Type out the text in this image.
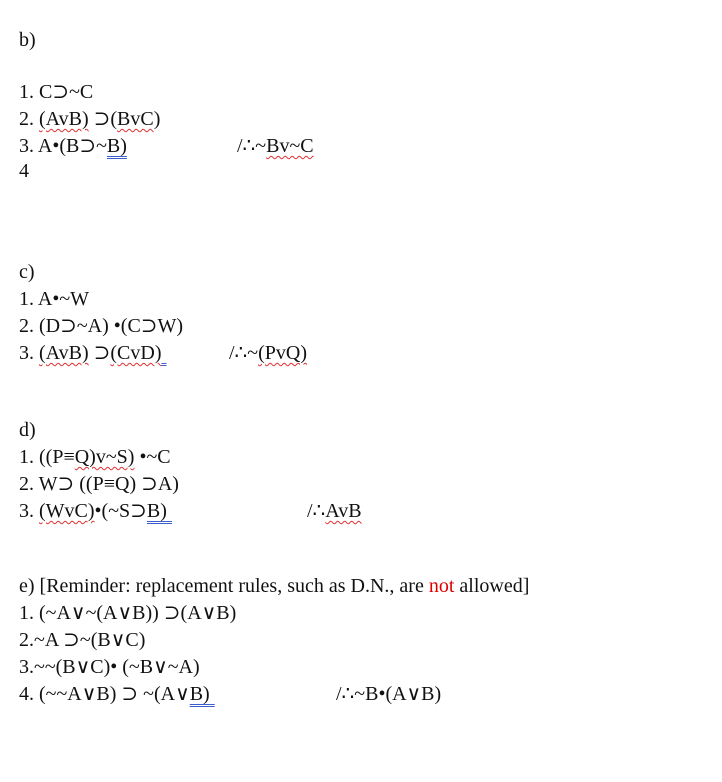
b)
1. C⊃~C
2. (AvB) ⊃(BvC)
3. A•(B⊃~B)	/∴~Bv~C
4
c)
1. A•~W
2. (D⊃~A) •(C⊃W)
3. (AvB) ⊃(CvD)	/∴~(PvQ)
d)
1. ((P≡Q)v~S) •~C
2. W⊃ ((P≡Q) ⊃A)
3. (WvC)•(~S⊃B)	/∴AvB
e) [Reminder: replacement rules, such as D.N., are not allowed]
1. (~A∨~(A∨B)) ⊃(A∨B)
2.~A ⊃~(B∨C)
3.~~(B∨C)• (~B∨~A)
4. (~~A∨B) ⊃ ~(A∨B)	/∴~B•(A∨B)
